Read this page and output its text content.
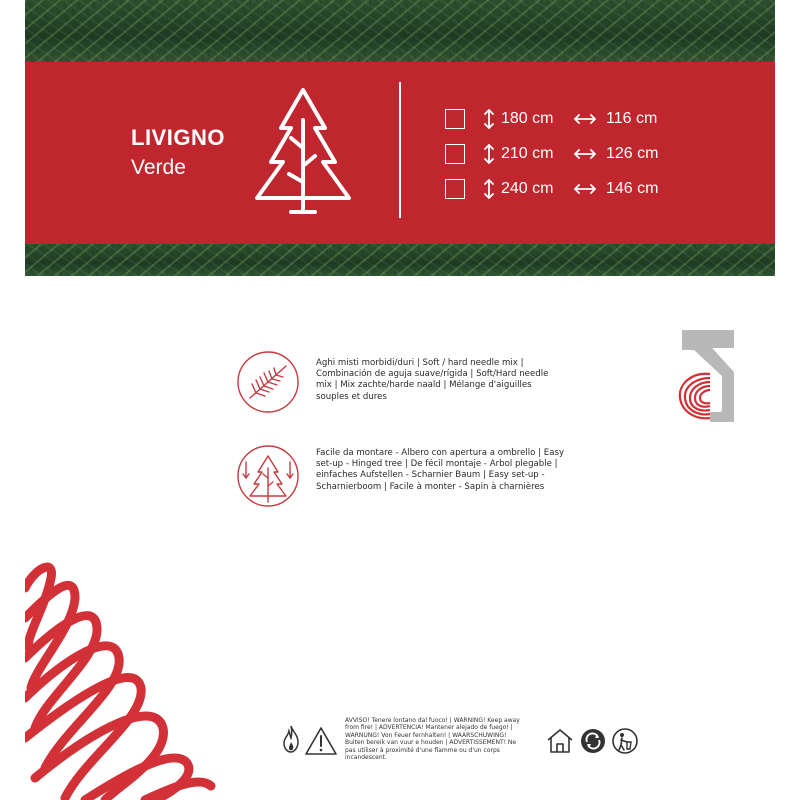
LIVIGNO
Verde
180 cm	116 cm
210 cm	126 cm
240 cm	146 cm
Aghi misti morbidi/duri | Soft / hard needle mix | Combinación de aguja suave/rígida | Soft/Hard needle mix | Mix zachte/harde naald | Mélange d'aiguilles souples et dures
Facile da montare - Albero con apertura a ombrello | Easy set-up - Hinged tree | De fécil montaje - Arbol plegable | einfaches Aufstellen - Scharnier Baum | Easy set-up - Scharnierboom | Facile à monter - Sapin à charnières
AVVISO! Tenere lontano dal fuoco! | WARNING! Keep away from fire! | ADVERTENCIA! Mantener alejado de fuego! | WARNUNG! Von Feuer fernhalten! | WAARSCHUWING! Buiten bereik van vuur e houden | ADVERTISSEMENT! Ne pas utiliser à proximité d'une flamme ou d'un corps incandescent.
